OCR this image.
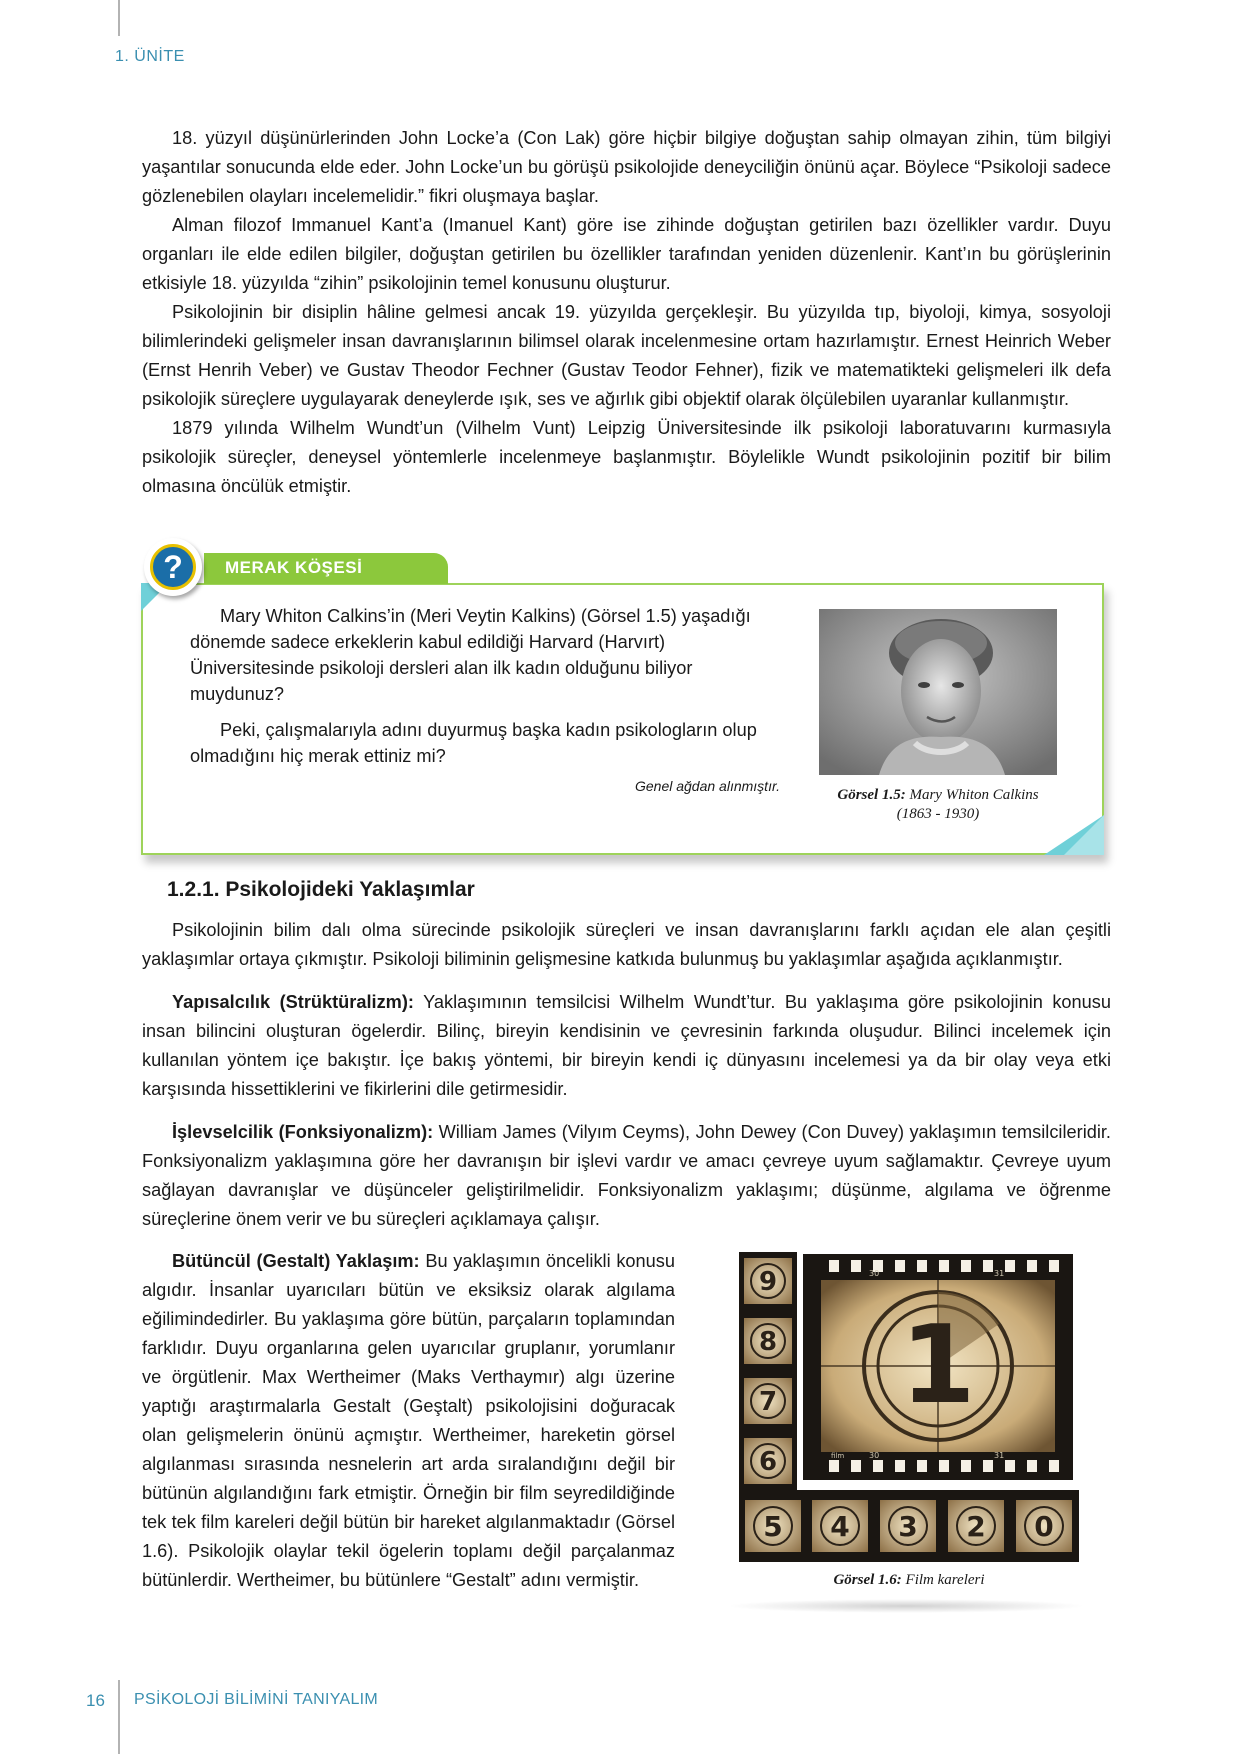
1. ÜNİTE

18. yüzyıl düşünürlerinden John Locke’a (Con Lak) göre hiçbir bilgiye doğuştan sahip olmayan zihin, tüm bilgiyi yaşantılar sonucunda elde eder. John Locke’un bu görüşü psikolojide deneyciliğin önünü açar. Böylece “Psikoloji sadece gözlenebilen olayları incelemelidir.” fikri oluşmaya başlar.

Alman filozof Immanuel Kant’a (Imanuel Kant) göre ise zihinde doğuştan getirilen bazı özellikler vardır. Duyu organları ile elde edilen bilgiler, doğuştan getirilen bu özellikler tarafından yeniden düzenlenir. Kant’ın bu görüşlerinin etkisiyle 18. yüzyılda “zihin” psikolojinin temel konusunu oluşturur.

Psikolojinin bir disiplin hâline gelmesi ancak 19. yüzyılda gerçekleşir. Bu yüzyılda tıp, biyoloji, kimya, sosyoloji bilimlerindeki gelişmeler insan davranışlarının bilimsel olarak incelenmesine ortam hazırlamıştır. Ernest Heinrich Weber (Ernst Henrih Veber) ve Gustav Theodor Fechner (Gustav Teodor Fehner), fizik ve matematikteki gelişmeleri ilk defa psikolojik süreçlere uygulayarak deneylerde ışık, ses ve ağırlık gibi objektif olarak ölçülebilen uyaranlar kullanmıştır.

1879 yılında Wilhelm Wundt’un (Vilhelm Vunt) Leipzig Üniversitesinde ilk psikoloji laboratuvarını kurmasıyla psikolojik süreçler, deneysel yöntemlerle incelenmeye başlanmıştır. Böylelikle Wundt psikolojinin pozitif bir bilim olmasına öncülük etmiştir.

MERAK KÖŞESİ
?

Mary Whiton Calkins’in (Meri Veytin Kalkins) (Görsel 1.5) yaşadığı dönemde sadece erkeklerin kabul edildiği Harvard (Harvırt) Üniversitesinde psikoloji dersleri alan ilk kadın olduğunu biliyor muydunuz?

Peki, çalışmalarıyla adını duyurmuş başka kadın psikologların olup olmadığını hiç merak ettiniz mi?

Genel ağdan alınmıştır.
Görsel 1.5: Mary Whiton Calkins
(1863 - 1930)
1.2.1. Psikolojideki Yaklaşımlar

Psikolojinin bilim dalı olma sürecinde psikolojik süreçleri ve insan davranışlarını farklı açıdan ele alan çeşitli yaklaşımlar ortaya çıkmıştır. Psikoloji biliminin gelişmesine katkıda bulunmuş bu yaklaşımlar aşağıda açıklanmıştır.

Yapısalcılık (Strüktüralizm): Yaklaşımının temsilcisi Wilhelm Wundt’tur. Bu yaklaşıma göre psikolojinin konusu insan bilincini oluşturan ögelerdir. Bilinç, bireyin kendisinin ve çevresinin farkında oluşudur. Bilinci incelemek için kullanılan yöntem içe bakıştır. İçe bakış yöntemi, bir bireyin kendi iç dünyasını incelemesi ya da bir olay veya etki karşısında hissettiklerini ve fikirlerini dile getirmesidir.

İşlevselcilik (Fonksiyonalizm): William James (Vilyım Ceyms), John Dewey (Con Duvey) yaklaşımın temsilcileridir. Fonksiyonalizm yaklaşımına göre her davranışın bir işlevi vardır ve amacı çevreye uyum sağlamaktır. Çevreye uyum sağlayan davranışlar ve düşünceler geliştirilmelidir. Fonksiyonalizm yaklaşımı; düşünme, algılama ve öğrenme süreçlerine önem verir ve bu süreçleri açıklamaya çalışır.

Bütüncül (Gestalt) Yaklaşım: Bu yaklaşımın öncelikli konusu algıdır. İnsanlar uyarıcıları bütün ve eksiksiz olarak algılama eğilimindedirler. Bu yaklaşıma göre bütün, parçaların toplamından farklıdır. Duyu organlarına gelen uyarıcılar gruplanır, yorumlanır ve örgütlenir. Max Wertheimer (Maks Verthaymır) algı üzerine yaptığı araştırmalarla Gestalt (Geştalt) psikolojisini doğuracak olan gelişmelerin önünü açmıştır. Wertheimer, hareketin görsel algılanması sırasında nesnelerin art arda sıralandığını değil bir bütünün algılandığını fark etmiştir. Örneğin bir film seyredildiğinde tek tek film kareleri değil bütün bir hareket algılanmaktadır (Görsel 1.6). Psikolojik olaylar tekil ögelerin toplamı değil parçalanmaz bütünlerdir. Wertheimer, bu bütünlere “Gestalt” adını vermiştir.

1
30	31
30	31
film
9
8
7
6
5 4 3 2 0
Görsel 1.6: Film kareleri
16 PSİKOLOJİ BİLİMİNİ TANIYALIM
